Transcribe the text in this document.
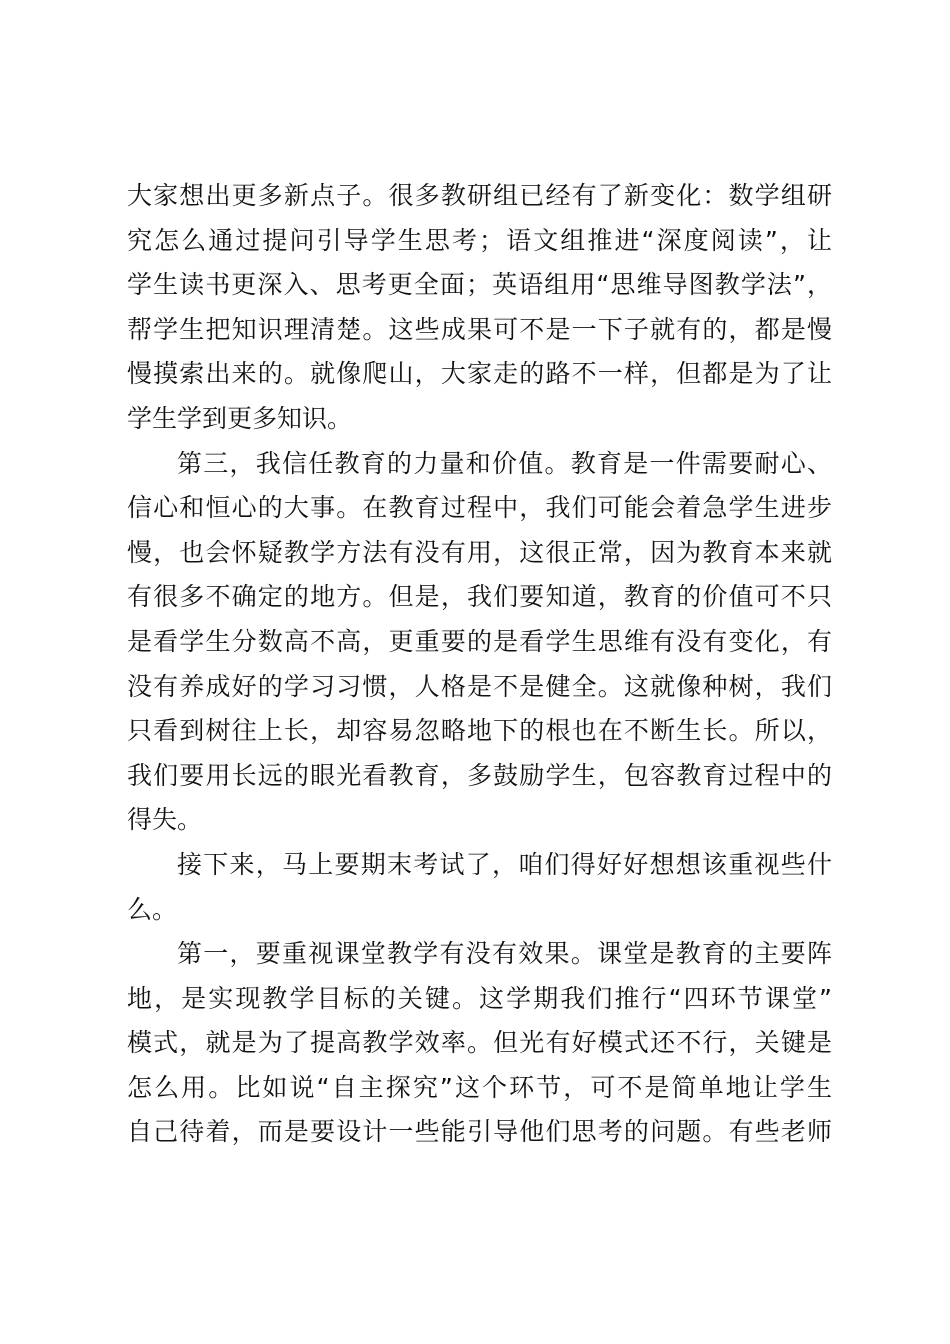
大家想出更多新点子。很多教研组已经有了新变化：数学组研
究怎么通过提问引导学生思考；语文组推进“深度阅读”，让
学生读书更深入、思考更全面；英语组用“思维导图教学法”，
帮学生把知识理清楚。这些成果可不是一下子就有的，都是慢
慢摸索出来的。就像爬山，大家走的路不一样，但都是为了让
学生学到更多知识。
第三，我信任教育的力量和价值。教育是一件需要耐心、
信心和恒心的大事。在教育过程中，我们可能会着急学生进步
慢，也会怀疑教学方法有没有用，这很正常，因为教育本来就
有很多不确定的地方。但是，我们要知道，教育的价值可不只
是看学生分数高不高，更重要的是看学生思维有没有变化，有
没有养成好的学习习惯，人格是不是健全。这就像种树，我们
只看到树往上长，却容易忽略地下的根也在不断生长。所以，
我们要用长远的眼光看教育，多鼓励学生，包容教育过程中的
得失。
接下来，马上要期末考试了，咱们得好好想想该重视些什
么。
第一，要重视课堂教学有没有效果。课堂是教育的主要阵
地，是实现教学目标的关键。这学期我们推行“四环节课堂”
模式，就是为了提高教学效率。但光有好模式还不行，关键是
怎么用。比如说“自主探究”这个环节，可不是简单地让学生
自己待着，而是要设计一些能引导他们思考的问题。有些老师
